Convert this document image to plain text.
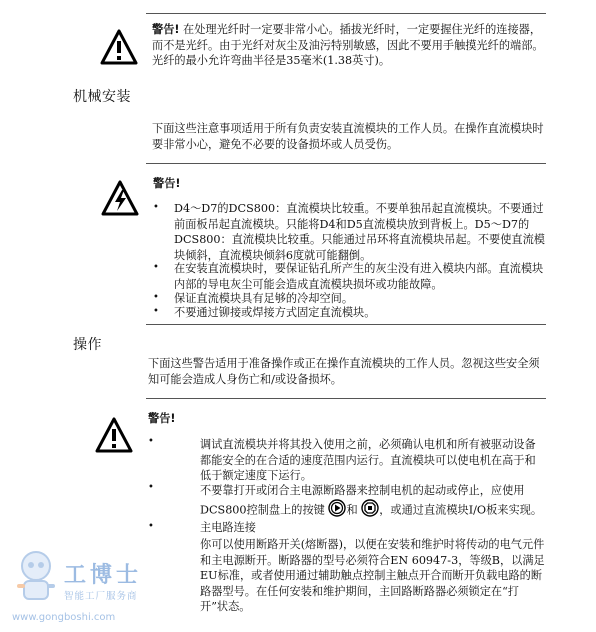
警告! 在处理光纤时一定要非常小心。插拔光纤时，一定要握住光纤的连接器，而不是光纤。由于光纤对灰尘及油污特别敏感，因此不要用手触摸光纤的端部。光纤的最小允许弯曲半径是35毫米(1.38英寸)。
机械安装
下面这些注意事项适用于所有负责安装直流模块的工作人员。在操作直流模块时要非常小心，避免不必要的设备损坏或人员受伤。
警告!
• D4～D7的DCS800：直流模块比较重。不要单独吊起直流模块。不要通过前面板吊起直流模块。只能将D4和D5直流模块放到背板上。D5～D7的DCS800：直流模块比较重。只能通过吊环将直流模块吊起。不要使直流模块倾斜，直流模块倾斜6度就可能翻倒。
• 在安装直流模块时，要保证钻孔所产生的灰尘没有进入模块内部。直流模块内部的导电灰尘可能会造成直流模块损坏或功能故障。
• 保证直流模块具有足够的冷却空间。
• 不要通过铆接或焊接方式固定直流模块。
操作
下面这些警告适用于准备操作或正在操作直流模块的工作人员。忽视这些安全须知可能会造成人身伤亡和/或设备损坏。
警告!
•	调试直流模块并将其投入使用之前，必须确认电机和所有被驱动设备都能安全的在合适的速度范围内运行。直流模块可以使电机在高于和低于额定速度下运行。
•	不要靠打开或闭合主电源断路器来控制电机的起动或停止，应使用DCS800控制盘上的按键 和 ，或通过直流模块I/O板来实现。
•	主电路连接
你可以使用断路开关(熔断器)，以便在安装和维护时将传动的电气元件和主电源断开。断路器的型号必须符合EN 60947-3，等级B，以满足EU标准，或者使用通过辅助触点控制主触点开合而断开负载电路的断路器型号。在任何安装和维护期间，主回路断路器必须锁定在“打开”状态。
工博士
智能工厂服务商
www.gongboshi.com
